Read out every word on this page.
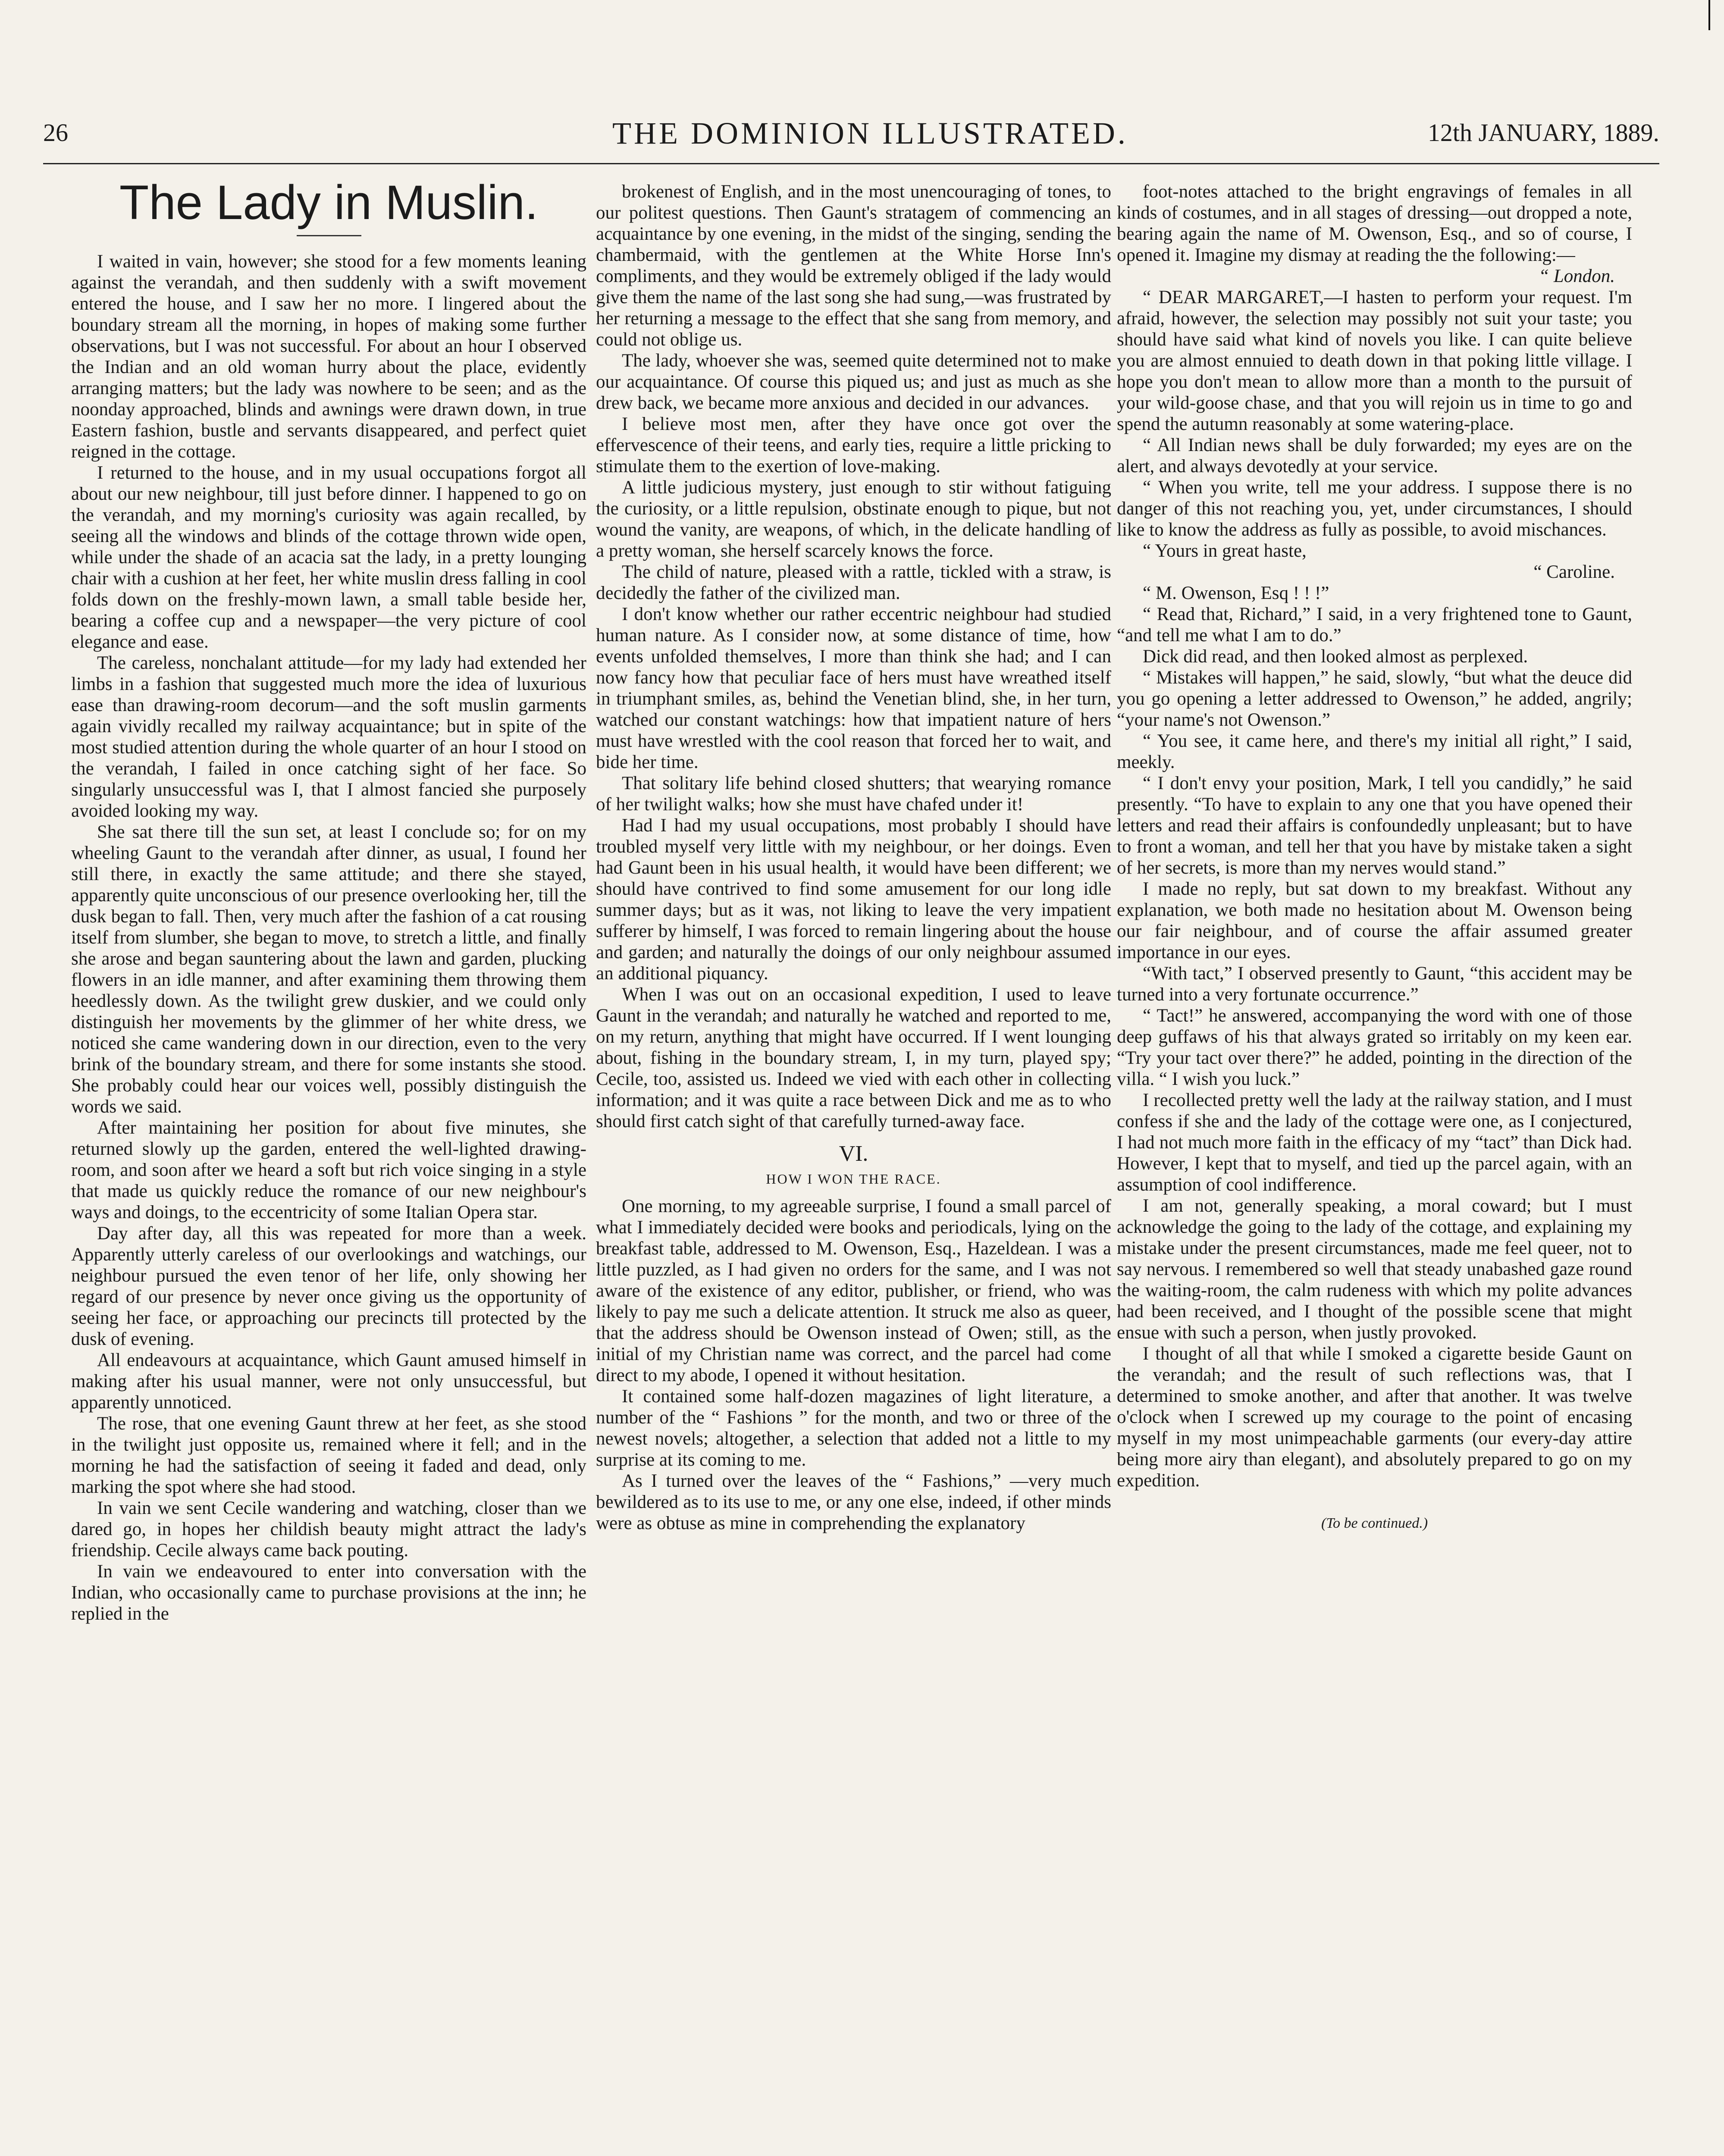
26	THE DOMINION ILLUSTRATED.	12th JANUARY, 1889.
The Lady in Muslin.

I waited in vain, however; she stood for a few moments leaning against the verandah, and then suddenly with a swift movement entered the house, and I saw her no more. I lingered about the boundary stream all the morning, in hopes of making some further observations, but I was not successful. For about an hour I observed the Indian and an old woman hurry about the place, evidently arranging matters; but the lady was nowhere to be seen; and as the noonday approached, blinds and awnings were drawn down, in true Eastern fashion, bustle and servants disappeared, and perfect quiet reigned in the cottage.

I returned to the house, and in my usual occupations forgot all about our new neighbour, till just before dinner. I happened to go on the verandah, and my morning's curiosity was again recalled, by seeing all the windows and blinds of the cottage thrown wide open, while under the shade of an acacia sat the lady, in a pretty lounging chair with a cushion at her feet, her white muslin dress falling in cool folds down on the freshly-mown lawn, a small table beside her, bearing a coffee cup and a newspaper—the very picture of cool elegance and ease.

The careless, nonchalant attitude—for my lady had extended her limbs in a fashion that suggested much more the idea of luxurious ease than drawing-room decorum—and the soft muslin garments again vividly recalled my railway acquaintance; but in spite of the most studied attention during the whole quarter of an hour I stood on the verandah, I failed in once catching sight of her face. So singularly unsuccessful was I, that I almost fancied she purposely avoided looking my way.

She sat there till the sun set, at least I conclude so; for on my wheeling Gaunt to the verandah after dinner, as usual, I found her still there, in exactly the same attitude; and there she stayed, apparently quite unconscious of our presence overlooking her, till the dusk began to fall. Then, very much after the fashion of a cat rousing itself from slumber, she began to move, to stretch a little, and finally she arose and began sauntering about the lawn and garden, plucking flowers in an idle manner, and after examining them throwing them heedlessly down. As the twilight grew duskier, and we could only distinguish her movements by the glimmer of her white dress, we noticed she came wandering down in our direction, even to the very brink of the boundary stream, and there for some instants she stood. She probably could hear our voices well, possibly distinguish the words we said.

After maintaining her position for about five minutes, she returned slowly up the garden, entered the well-lighted drawing-room, and soon after we heard a soft but rich voice singing in a style that made us quickly reduce the romance of our new neighbour's ways and doings, to the eccentricity of some Italian Opera star.

Day after day, all this was repeated for more than a week. Apparently utterly careless of our overlookings and watchings, our neighbour pursued the even tenor of her life, only showing her regard of our presence by never once giving us the opportunity of seeing her face, or approaching our precincts till protected by the dusk of evening.

All endeavours at acquaintance, which Gaunt amused himself in making after his usual manner, were not only unsuccessful, but apparently unnoticed.

The rose, that one evening Gaunt threw at her feet, as she stood in the twilight just opposite us, remained where it fell; and in the morning he had the satisfaction of seeing it faded and dead, only marking the spot where she had stood.

In vain we sent Cecile wandering and watching, closer than we dared go, in hopes her childish beauty might attract the lady's friendship. Cecile always came back pouting.

In vain we endeavoured to enter into conversation with the Indian, who occasionally came to purchase provisions at the inn; he replied in the

brokenest of English, and in the most unencouraging of tones, to our politest questions. Then Gaunt's stratagem of commencing an acquaintance by one evening, in the midst of the singing, sending the chambermaid, with the gentlemen at the White Horse Inn's compliments, and they would be extremely obliged if the lady would give them the name of the last song she had sung,—was frustrated by her returning a message to the effect that she sang from memory, and could not oblige us.

The lady, whoever she was, seemed quite determined not to make our acquaintance. Of course this piqued us; and just as much as she drew back, we became more anxious and decided in our advances.

I believe most men, after they have once got over the effervescence of their teens, and early ties, require a little pricking to stimulate them to the exertion of love-making.

A little judicious mystery, just enough to stir without fatiguing the curiosity, or a little repulsion, obstinate enough to pique, but not wound the vanity, are weapons, of which, in the delicate handling of a pretty woman, she herself scarcely knows the force.

The child of nature, pleased with a rattle, tickled with a straw, is decidedly the father of the civilized man.

I don't know whether our rather eccentric neighbour had studied human nature. As I consider now, at some distance of time, how events unfolded themselves, I more than think she had; and I can now fancy how that peculiar face of hers must have wreathed itself in triumphant smiles, as, behind the Venetian blind, she, in her turn, watched our constant watchings: how that impatient nature of hers must have wrestled with the cool reason that forced her to wait, and bide her time.

That solitary life behind closed shutters; that wearying romance of her twilight walks; how she must have chafed under it!

Had I had my usual occupations, most probably I should have troubled myself very little with my neighbour, or her doings. Even had Gaunt been in his usual health, it would have been different; we should have contrived to find some amusement for our long idle summer days; but as it was, not liking to leave the very impatient sufferer by himself, I was forced to remain lingering about the house and garden; and naturally the doings of our only neighbour assumed an additional piquancy.

When I was out on an occasional expedition, I used to leave Gaunt in the verandah; and naturally he watched and reported to me, on my return, anything that might have occurred. If I went lounging about, fishing in the boundary stream, I, in my turn, played spy; Cecile, too, assisted us. Indeed we vied with each other in collecting information; and it was quite a race between Dick and me as to who should first catch sight of that carefully turned-away face.

VI.
HOW I WON THE RACE.

One morning, to my agreeable surprise, I found a small parcel of what I immediately decided were books and periodicals, lying on the breakfast table, addressed to M. Owenson, Esq., Hazeldean. I was a little puzzled, as I had given no orders for the same, and I was not aware of the existence of any editor, publisher, or friend, who was likely to pay me such a delicate attention. It struck me also as queer, that the address should be Owenson instead of Owen; still, as the initial of my Christian name was correct, and the parcel had come direct to my abode, I opened it without hesitation.

It contained some half-dozen magazines of light literature, a number of the “ Fashions ” for the month, and two or three of the newest novels; altogether, a selection that added not a little to my surprise at its coming to me.

As I turned over the leaves of the “ Fashions,” —very much bewildered as to its use to me, or any one else, indeed, if other minds were as obtuse as mine in comprehending the explanatory

foot-notes attached to the bright engravings of females in all kinds of costumes, and in all stages of dressing—out dropped a note, bearing again the name of M. Owenson, Esq., and so of course, I opened it. Imagine my dismay at reading the the following:—

“ London.

“ DEAR MARGARET,—I hasten to perform your request. I'm afraid, however, the selection may possibly not suit your taste; you should have said what kind of novels you like. I can quite believe you are almost ennuied to death down in that poking little village. I hope you don't mean to allow more than a month to the pursuit of your wild-goose chase, and that you will rejoin us in time to go and spend the autumn reasonably at some watering-place.

“ All Indian news shall be duly forwarded; my eyes are on the alert, and always devotedly at your service.

“ When you write, tell me your address. I suppose there is no danger of this not reaching you, yet, under circumstances, I should like to know the address as fully as possible, to avoid mischances.

“ Yours in great haste,

“ Caroline.

“ M. Owenson, Esq ! ! !”

“ Read that, Richard,” I said, in a very frightened tone to Gaunt, “and tell me what I am to do.”

Dick did read, and then looked almost as perplexed.

“ Mistakes will happen,” he said, slowly, “but what the deuce did you go opening a letter addressed to Owenson,” he added, angrily; “your name's not Owenson.”

“ You see, it came here, and there's my initial all right,” I said, meekly.

“ I don't envy your position, Mark, I tell you candidly,” he said presently. “To have to explain to any one that you have opened their letters and read their affairs is confoundedly unpleasant; but to have to front a woman, and tell her that you have by mistake taken a sight of her secrets, is more than my nerves would stand.”

I made no reply, but sat down to my breakfast. Without any explanation, we both made no hesitation about M. Owenson being our fair neighbour, and of course the affair assumed greater importance in our eyes.

“With tact,” I observed presently to Gaunt, “this accident may be turned into a very fortunate occurrence.”

“ Tact!” he answered, accompanying the word with one of those deep guffaws of his that always grated so irritably on my keen ear. “Try your tact over there?” he added, pointing in the direction of the villa. “ I wish you luck.”

I recollected pretty well the lady at the railway station, and I must confess if she and the lady of the cottage were one, as I conjectured, I had not much more faith in the efficacy of my “tact” than Dick had. However, I kept that to myself, and tied up the parcel again, with an assumption of cool indifference.

I am not, generally speaking, a moral coward; but I must acknowledge the going to the lady of the cottage, and explaining my mistake under the present circumstances, made me feel queer, not to say nervous. I remembered so well that steady unabashed gaze round the waiting-room, the calm rudeness with which my polite advances had been received, and I thought of the possible scene that might ensue with such a person, when justly provoked.

I thought of all that while I smoked a cigarette beside Gaunt on the verandah; and the result of such reflections was, that I determined to smoke another, and after that another. It was twelve o'clock when I screwed up my courage to the point of encasing myself in my most unimpeachable garments (our every-day attire being more airy than elegant), and absolutely prepared to go on my expedition.

(To be continued.)
